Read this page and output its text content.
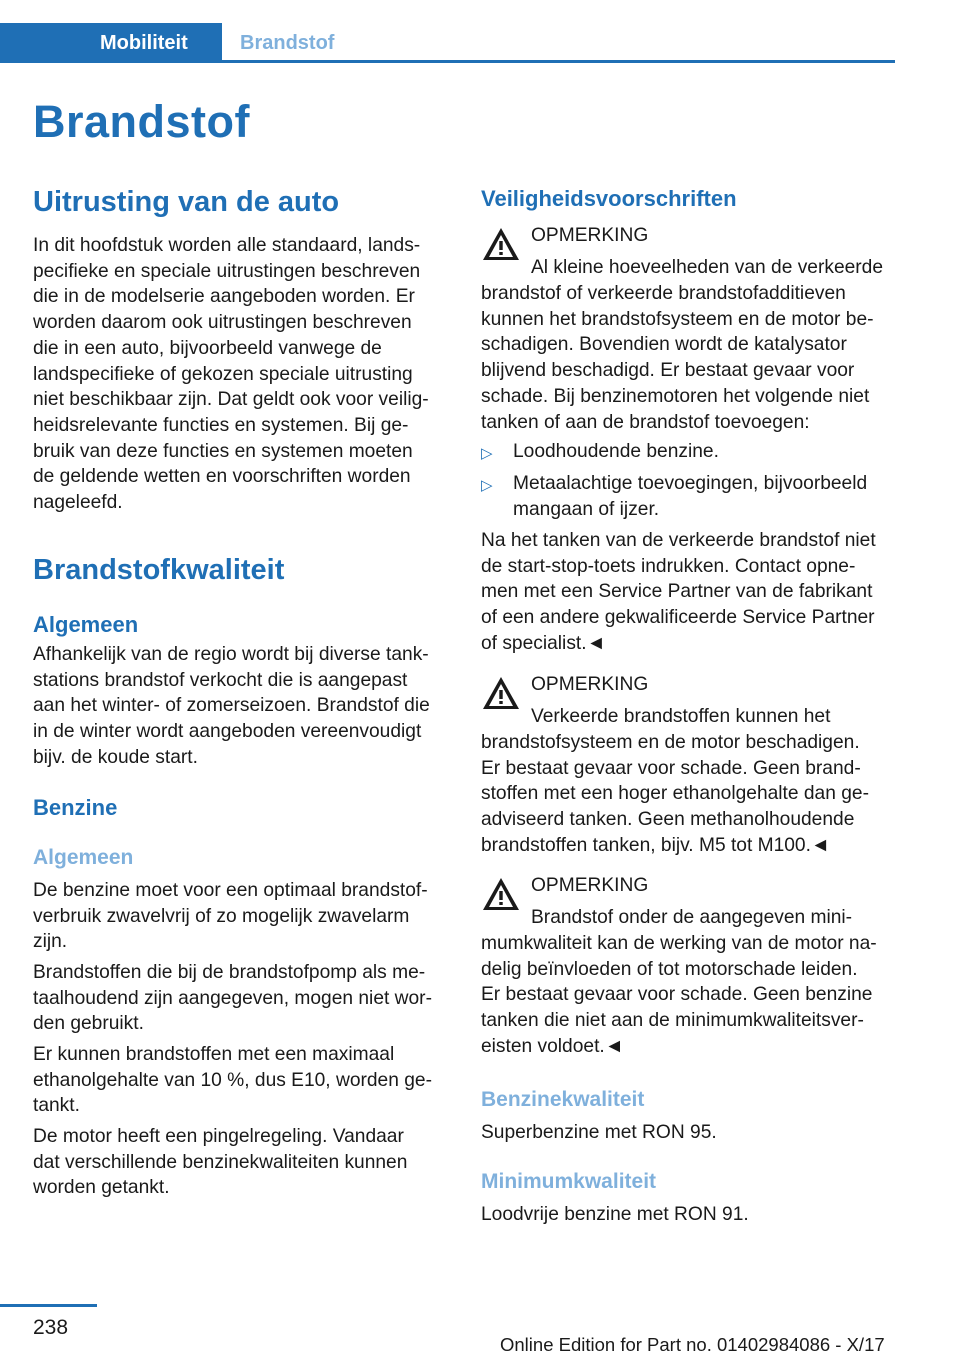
Mobiliteit	Brandstof
Brandstof
Uitrusting van de auto
In dit hoofdstuk worden alle standaard, lands-
pecifieke en speciale uitrustingen beschreven
die in de modelserie aangeboden worden. Er
worden daarom ook uitrustingen beschreven
die in een auto, bijvoorbeeld vanwege de
landspecifieke of gekozen speciale uitrusting
niet beschikbaar zijn. Dat geldt ook voor veilig-
heidsrelevante functies en systemen. Bij ge-
bruik van deze functies en systemen moeten
de geldende wetten en voorschriften worden
nageleefd.
Brandstofkwaliteit
Algemeen
Afhankelijk van de regio wordt bij diverse tank-
stations brandstof verkocht die is aangepast
aan het winter- of zomerseizoen. Brandstof die
in de winter wordt aangeboden vereenvoudigt
bijv. de koude start.
Benzine
Algemeen
De benzine moet voor een optimaal brandstof-
verbruik zwavelvrij of zo mogelijk zwavelarm
zijn.
Brandstoffen die bij de brandstofpomp als me-
taalhoudend zijn aangegeven, mogen niet wor-
den gebruikt.
Er kunnen brandstoffen met een maximaal
ethanolgehalte van 10 %, dus E10, worden ge-
tankt.
De motor heeft een pingelregeling. Vandaar
dat verschillende benzinekwaliteiten kunnen
worden getankt.
Veiligheidsvoorschriften
OPMERKING
Al kleine hoeveelheden van de verkeerde
brandstof of verkeerde brandstofadditieven
kunnen het brandstofsysteem en de motor be-
schadigen. Bovendien wordt de katalysator
blijvend beschadigd. Er bestaat gevaar voor
schade. Bij benzinemotoren het volgende niet
tanken of aan de brandstof toevoegen:
▷ Loodhoudende benzine.
▷ Metaalachtige toevoegingen, bijvoorbeeld
mangaan of ijzer.
Na het tanken van de verkeerde brandstof niet
de start-stop-toets indrukken. Contact opne-
men met een Service Partner van de fabrikant
of een andere gekwalificeerde Service Partner
of specialist.◄
OPMERKING
Verkeerde brandstoffen kunnen het
brandstofsysteem en de motor beschadigen.
Er bestaat gevaar voor schade. Geen brand-
stoffen met een hoger ethanolgehalte dan ge-
adviseerd tanken. Geen methanolhoudende
brandstoffen tanken, bijv. M5 tot M100.◄
OPMERKING
Brandstof onder de aangegeven mini-
mumkwaliteit kan de werking van de motor na-
delig beïnvloeden of tot motorschade leiden.
Er bestaat gevaar voor schade. Geen benzine
tanken die niet aan de minimumkwaliteitsver-
eisten voldoet.◄
Benzinekwaliteit
Superbenzine met RON 95.
Minimumkwaliteit
Loodvrije benzine met RON 91.
238
Online Edition for Part no. 01402984086 - X/17
